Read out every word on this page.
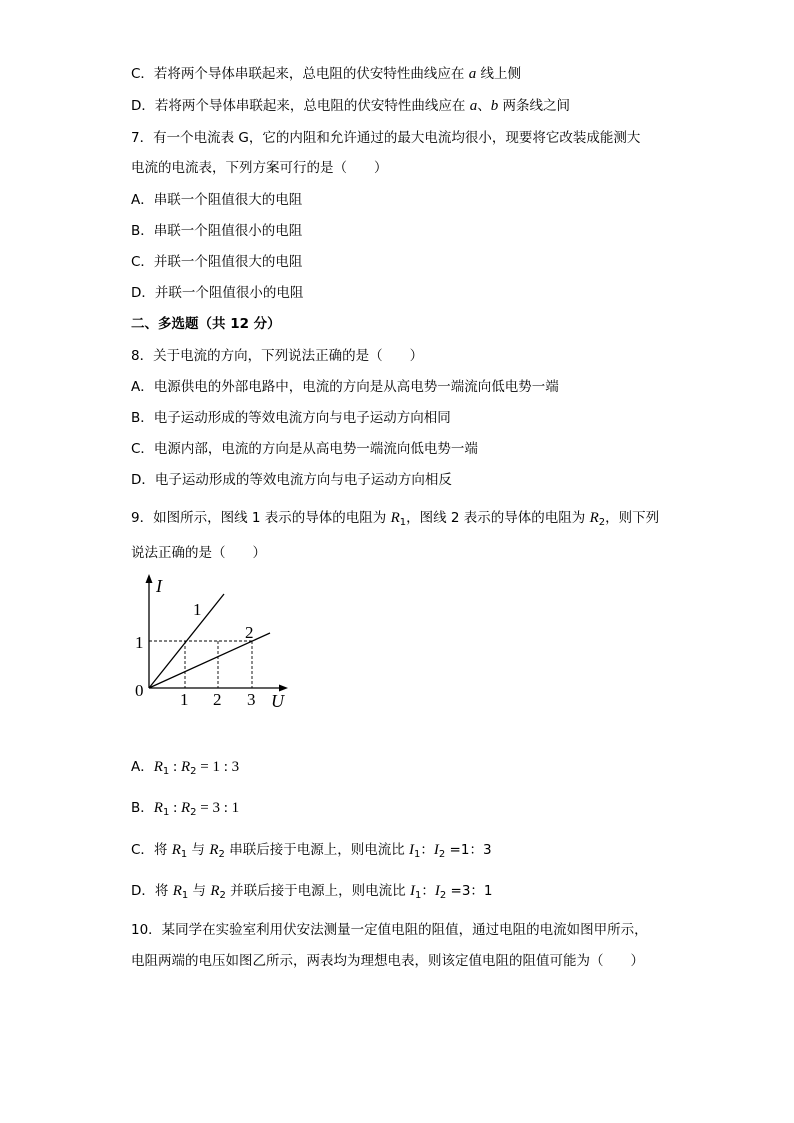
C．若将两个导体串联起来，总电阻的伏安特性曲线应在 a 线上侧
D．若将两个导体串联起来，总电阻的伏安特性曲线应在 a、b 两条线之间
7．有一个电流表 G，它的内阻和允许通过的最大电流均很小，现要将它改装成能测大
电流的电流表，下列方案可行的是（　　）
A．串联一个阻值很大的电阻
B．串联一个阻值很小的电阻
C．并联一个阻值很大的电阻
D．并联一个阻值很小的电阻
二、多选题（共 12 分）
8．关于电流的方向，下列说法正确的是（　　）
A．电源供电的外部电路中，电流的方向是从高电势一端流向低电势一端
B．电子运动形成的等效电流方向与电子运动方向相同
C．电源内部，电流的方向是从高电势一端流向低电势一端
D．电子运动形成的等效电流方向与电子运动方向相反
9．如图所示，图线 1 表示的导体的电阻为 $R_1$，图线 2 表示的导体的电阻为 $R_2$，则下列
说法正确的是（　　）
I
U
0
1
1 2 3
1
2
A．$R_1$ : $R_2 = 1$ : 3
B．$R_1$ : $R_2 = 3$ : 1
C．将 $R_1$ 与 $R_2$ 串联后接于电源上，则电流比 $I_1$：$I_2 =1$：3
D．将 $R_1$ 与 $R_2$ 并联后接于电源上，则电流比 $I_1$：$I_2 =3$：1
10．某同学在实验室利用伏安法测量一定值电阻的阻值，通过电阻的电流如图甲所示，
电阻两端的电压如图乙所示，两表均为理想电表，则该定值电阻的阻值可能为（　　）
